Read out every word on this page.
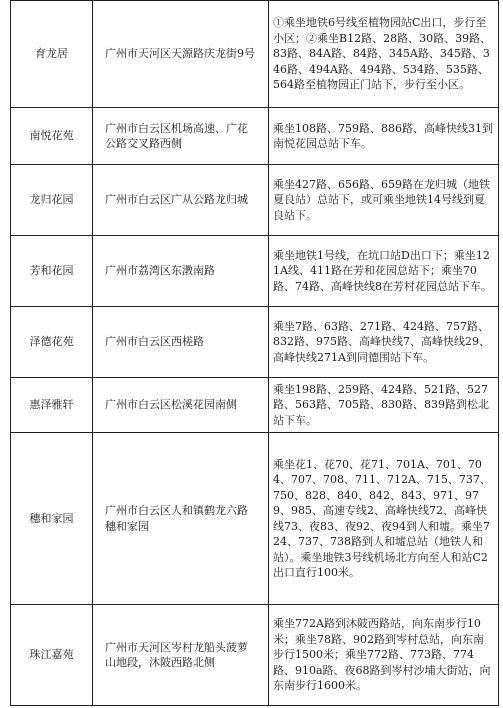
育龙居	广州市天河区天源路庆龙街9号	①乘坐地铁6号线至植物园站C出口，步行至小区；②乘坐B12路、28路、30路、39路、83路、84A路、84路、345A路、345路、346路、494A路、494路、534路、535路、564路至植物园正门站下，步行至小区。
南悦花苑	广州市白云区机场高速、广花公路交叉路西侧	乘坐108路、759路、886路、高峰快线31到南悦花园总站下车。
龙归花园	广州市白云区广从公路龙归城	乘坐427路、656路、659路在龙归城（地铁夏良站）总站下，或可乘坐地铁14号线到夏良站下。
芳和花园	广州市荔湾区东漖南路	乘坐地铁1号线，在坑口站D出口下；乘坐121A线、411路在芳和花园总站下；乘坐70路、74路、高峰快线8在芳村花园总站下车。
泽德花苑	广州市白云区西槎路	乘坐7路、63路、271路、424路、757路、832路、975路、高峰快线7、高峰快线29、高峰快线271A到同德围站下车。
惠泽雅轩	广州市白云区松溪花园南侧	乘坐198路、259路、424路、521路、527路、563路、705路、830路、839路到松北站下车。
穗和家园	广州市白云区人和镇鹤龙六路穗和家园	乘坐花1、花70、花71、701A、701、704、707、708、711、712A、715、737、750、828、840、842、843、971、979、985、高速专线2、高峰快线72、高峰快线73、夜83、夜92、夜94到人和墟。乘坐724、737、738路到人和墟总站（地铁人和站）。乘坐地铁3号线机场北方向至人和站C2出口直行100米。
珠江嘉苑	广州市天河区岑村龙船头菠萝山地段，沐陂西路北侧	乘坐772A路到沐陂西路站，向东南步行10米；乘坐78路、902路到岑村总站，向东南步行1500米；乘坐772路、773路、774路、910a路、夜68路到岑村沙埔大街站，向东南步行1600米。
